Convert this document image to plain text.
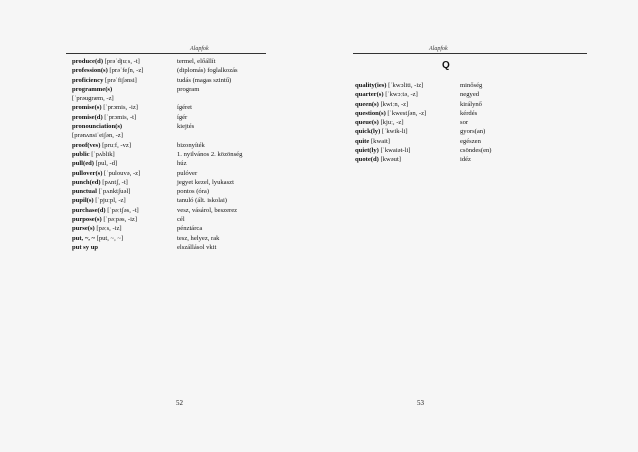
Alapfok
produce(d) [prəˈdjuːs, -t]	termel, előállít
profession(s) [prəˈfeʃn, -z]	(diplomás) foglalkozás
proficiency [prəˈfiʃənsi]	tudás (magas szintű)
programme(s)	program
[ˈprəugræm, -z]
promise(s) [ˈprɔmis, -iz]	ígéret
promise(d) [ˈprɔmis, -t]	ígér
pronounciation(s)	kiejtés
[prənʌnsiˈeiʃən, -z]
proof(ves) [pruːf, -vz]	bizonyíték
public [ˈpʌblik]	1. nyilvános 2. közönség
pull(ed) [pul, -d]	húz
pullover(s) [ˈpulouvə, -z]	pulóver
punch(ed) [pʌntʃ, -t]	jegyet kezel, lyukaszt
punctual [ˈpʌnktʃuəl]	pontos (óra)
pupil(s) [ˈpjuːpl, -z]	tanuló (ált. iskolai)
purchase(d) [ˈpəːtʃəs, -t]	vesz, vásárol, beszerez
purpose(s) [ˈpəːpəs, -iz]	cél
purse(s) [pəːs, -iz]	pénztárca
put, ~, ~ [put, ~, ~]	tesz, helyez, rak
put sy up	elszállásol vkit
52
Alapfok
Q
quality(ies) [ˈkwɔliti, -iz]	minőség
quarter(s) [ˈkwɔːtə, -z]	negyed
queen(s) [kwiːn, -z]	királynő
question(s) [ˈkwestʃən, -z]	kérdés
queue(s) [kjuː, -z]	sor
quick(ly) [ˈkwik-li]	gyors(an)
quite [kwait]	egészen
quiet(ly) [ˈkwaiət-li]	csöndes(en)
quote(d) [kwəut]	idéz
53
